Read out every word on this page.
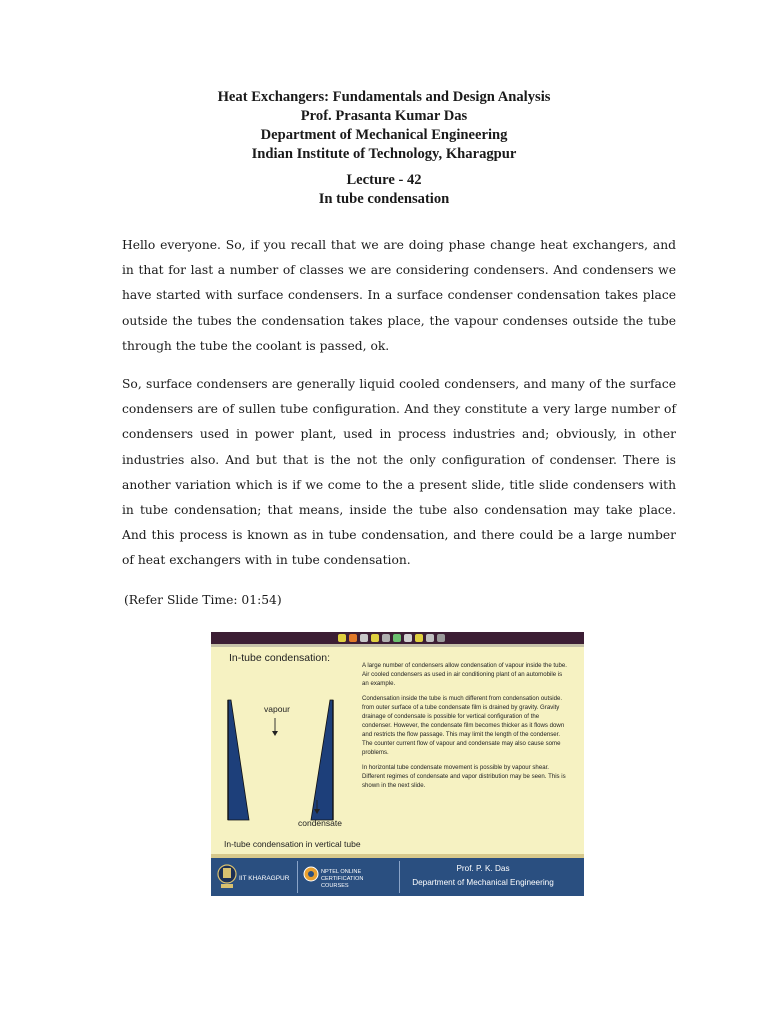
Heat Exchangers: Fundamentals and Design Analysis
Prof. Prasanta Kumar Das
Department of Mechanical Engineering
Indian Institute of Technology, Kharagpur
Lecture - 42
In tube condensation

Hello everyone. So, if you recall that we are doing phase change heat exchangers, and in that for last a number of classes we are considering condensers. And condensers we have started with surface condensers. In a surface condenser condensation takes place outside the tubes the condensation takes place, the vapour condenses outside the tube through the tube the coolant is passed, ok.

So, surface condensers are generally liquid cooled condensers, and many of the surface condensers are of sullen tube configuration. And they constitute a very large number of condensers used in power plant, used in process industries and; obviously, in other industries also. And but that is the not the only configuration of condenser. There is another variation which is if we come to the a present slide, title slide condensers with in tube condensation; that means, inside the tube also condensation may take place. And this process is known as in tube condensation, and there could be a large number of heat exchangers with in tube condensation.

(Refer Slide Time: 01:54)
In-tube condensation:

A large number of condensers allow condensation of vapour inside the tube. Air cooled condensers as used in air conditioning plant of an automobile is an example.

Condensation inside the tube is much different from condensation outside. from outer surface of a tube condensate film is drained by gravity. Gravity drainage of condensate is possible for vertical configuration of the condenser. However, the condensate film becomes thicker as it flows down and restricts the flow passage. This may limit the length of the condenser. The counter current flow of vapour and condensate may also cause some problems.

In horizontal tube condensate movement is possible by vapour shear. Different regimes of condensate and vapor distribution may be seen. This is shown in the next slide.

vapour
condensate
In-tube condensation in vertical tube
IIT KHARAGPUR
NPTEL ONLINE CERTIFICATION COURSES
Prof. P. K. Das
Department of Mechanical Engineering
